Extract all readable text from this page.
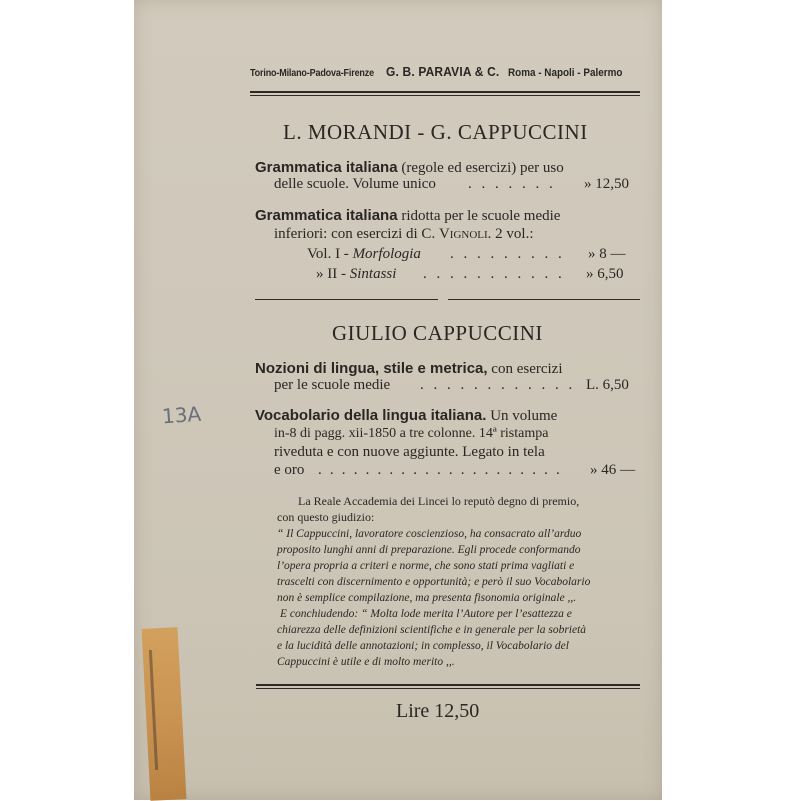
Torino-Milano-Padova-Firenze G. B. PARAVIA & C. Roma - Napoli - Palermo
L. MORANDI - G. CAPPUCCINI
Grammatica italiana (regole ed esercizi) per uso
delle scuole. Volume unico . . . . . . . » 12,50
Grammatica italiana ridotta per le scuole medie
inferiori: con esercizi di C. Vignoli. 2 vol.:
Vol. I - Morfologia . . . . . . . . . » 8 —
» II - Sintassi . . . . . . . . . . . » 6,50
GIULIO CAPPUCCINI
Nozioni di lingua, stile e metrica, con esercizi
per le scuole medie . . . . . . . . . . . . L. 6,50
Vocabolario della lingua italiana. Un volume
in-8 di pagg. xii-1850 a tre colonne. 14ª ristampa
riveduta e con nuove aggiunte. Legato in tela
e oro . . . . . . . . . . . . . . . . . . . . . » 46 —
La Reale Accademia dei Lincei lo reputò degno di premio,
con questo giudizio:
“ Il Cappuccini, lavoratore coscienzioso, ha consacrato all’arduo
proposito lunghi anni di preparazione. Egli procede conformando
l’opera propria a criteri e norme, che sono stati prima vagliati e
trascelti con discernimento e opportunità; e però il suo Vocabolario
non è semplice compilazione, ma presenta fisonomia originale ,,.
E conchiudendo: “ Molta lode merita l’Autore per l’esattezza e
chiarezza delle definizioni scientifiche e in generale per la sobrietà
e la lucidità delle annotazioni; in complesso, il Vocabolario del
Cappuccini è utile e di molto merito ,,.
Lire 12,50
13A
